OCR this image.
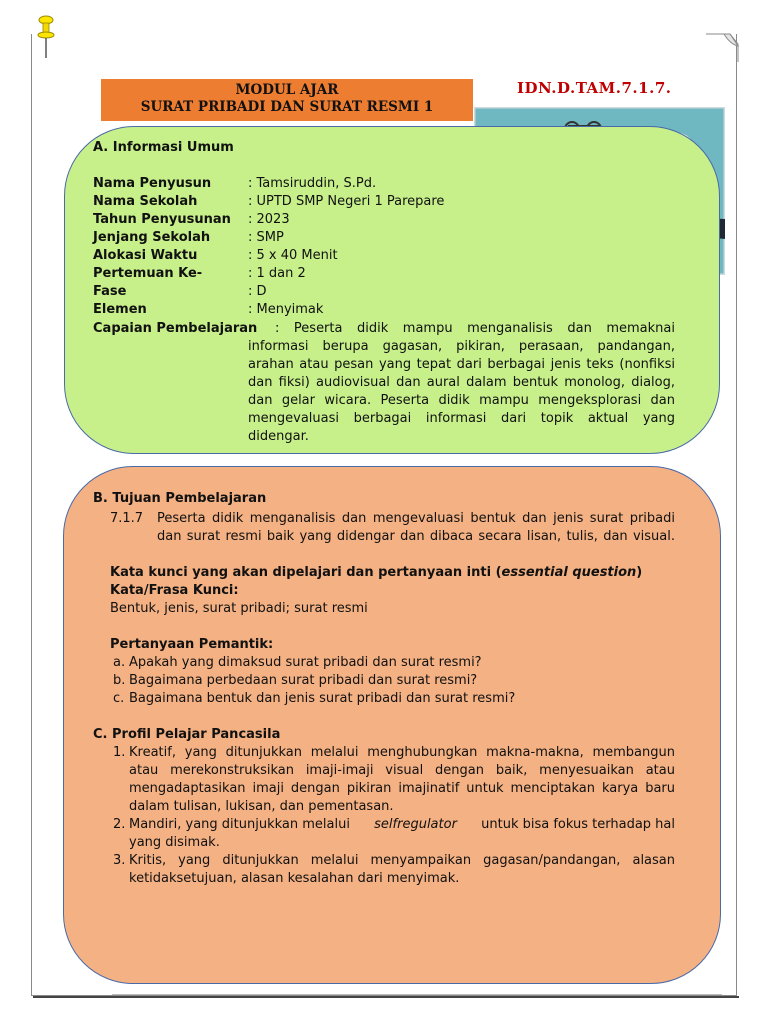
MODUL AJAR
SURAT PRIBADI DAN SURAT RESMI 1
IDN.D.TAM.7.1.7.
A. Informasi Umum
Nama Penyusun	: Tamsiruddin, S.Pd.
Nama Sekolah	: UPTD SMP Negeri 1 Parepare
Tahun Penyusunan : 2023
Jenjang Sekolah	: SMP
Alokasi Waktu	: 5 x 40 Menit
Pertemuan Ke-	: 1 dan 2
Fase	: D
Elemen	: Menyimak
Capaian Pembelajaran : Peserta didik mampu menganalisis dan memaknai
informasi berupa gagasan, pikiran, perasaan, pandangan,
arahan atau pesan yang tepat dari berbagai jenis teks (nonfiksi
dan fiksi) audiovisual dan aural dalam bentuk monolog, dialog,
dan gelar wicara. Peserta didik mampu mengeksplorasi dan
mengevaluasi berbagai informasi dari topik aktual yang
didengar.
B. Tujuan Pembelajaran
7.1.7 Peserta didik menganalisis dan mengevaluasi bentuk dan jenis surat pribadi
dan surat resmi baik yang didengar dan dibaca secara lisan, tulis, dan visual.
Kata kunci yang akan dipelajari dan pertanyaan inti (essential question)
Kata/Frasa Kunci:
Bentuk, jenis, surat pribadi; surat resmi
Pertanyaan Pemantik:
a. Apakah yang dimaksud surat pribadi dan surat resmi?
b. Bagaimana perbedaan surat pribadi dan surat resmi?
c. Bagaimana bentuk dan jenis surat pribadi dan surat resmi?
C. Profil Pelajar Pancasila
1. Kreatif, yang ditunjukkan melalui menghubungkan makna-makna, membangun
atau merekonstruksikan imaji-imaji visual dengan baik, menyesuaikan atau
mengadaptasikan imaji dengan pikiran imajinatif untuk menciptakan karya baru
dalam tulisan, lukisan, dan pementasan.
2. Mandiri, yang ditunjukkan melalui selfregulator untuk bisa fokus terhadap hal
yang disimak.
3. Kritis, yang ditunjukkan melalui menyampaikan gagasan/pandangan, alasan
ketidaksetujuan, alasan kesalahan dari menyimak.
